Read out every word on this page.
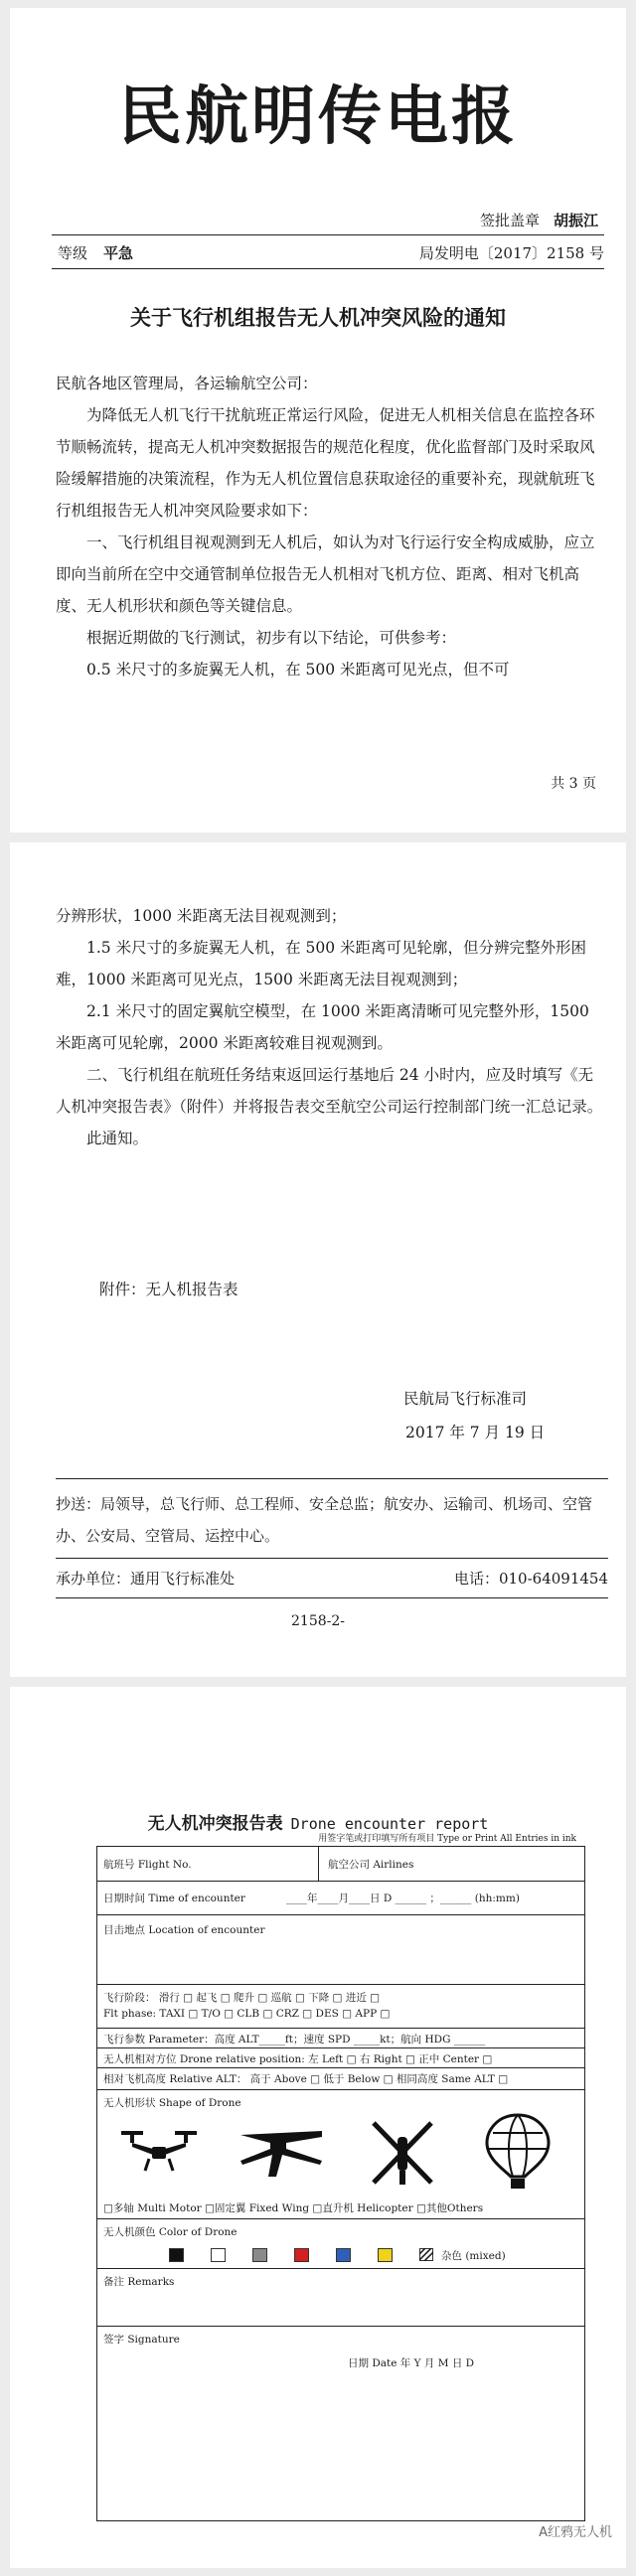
民航明传电报
签批盖章 胡振江
等级 平急	局发明电〔2017〕2158 号
关于飞行机组报告无人机冲突风险的通知

民航各地区管理局，各运输航空公司：

为降低无人机飞行干扰航班正常运行风险，促进无人机相关信息在监控各环节顺畅流转，提高无人机冲突数据报告的规范化程度，优化监督部门及时采取风险缓解措施的决策流程，作为无人机位置信息获取途径的重要补充，现就航班飞行机组报告无人机冲突风险要求如下：

一、飞行机组目视观测到无人机后，如认为对飞行运行安全构成威胁，应立即向当前所在空中交通管制单位报告无人机相对飞机方位、距离、相对飞机高度、无人机形状和颜色等关键信息。

根据近期做的飞行测试，初步有以下结论，可供参考：

0.5 米尺寸的多旋翼无人机，在 500 米距离可见光点，但不可

共 3 页

分辨形状，1000 米距离无法目视观测到；

1.5 米尺寸的多旋翼无人机，在 500 米距离可见轮廓，但分辨完整外形困难，1000 米距离可见光点，1500 米距离无法目视观测到；

2.1 米尺寸的固定翼航空模型，在 1000 米距离清晰可见完整外形，1500 米距离可见轮廓，2000 米距离较难目视观测到。

二、飞行机组在航班任务结束返回运行基地后 24 小时内，应及时填写《无人机冲突报告表》（附件）并将报告表交至航空公司运行控制部门统一汇总记录。

此通知。

附件：无人机报告表
民航局飞行标准司
2017 年 7 月 19 日
抄送：局领导，总飞行师、总工程师、安全总监；航安办、运输司、机场司、空管办、公安局、空管局、运控中心。
承办单位：通用飞行标准处	电话：010-64091454
2158-2-
无人机冲突报告表 Drone encounter report
用签字笔或打印填写所有项目 Type or Print All Entries in ink
航班号 Flight No.	航空公司 Airlines
日期时间 Time of encounter	____年____月____日 D ______ ；______ (hh:mm)
目击地点 Location of encounter
飞行阶段： 滑行 □ 起飞 □ 爬升 □ 巡航 □ 下降 □ 进近 □
Flt phase: TAXI □ T/O □ CLB □ CRZ □ DES □ APP □
飞行参数 Parameter：高度 ALT_____ft；速度 SPD _____kt；航向 HDG ______
无人机相对方位 Drone relative position: 左 Left □ 右 Right □ 正中 Center □
相对飞机高度 Relative ALT： 高于 Above □ 低于 Below □ 相同高度 Same ALT □
无人机形状 Shape of Drone
□多轴 Multi Motor □固定翼 Fixed Wing □直升机 Helicopter □其他Others
无人机颜色 Color of Drone
杂色 (mixed)
备注 Remarks
签字 Signature
日期 Date 年 Y 月 M 日 D
A红鸦无人机
